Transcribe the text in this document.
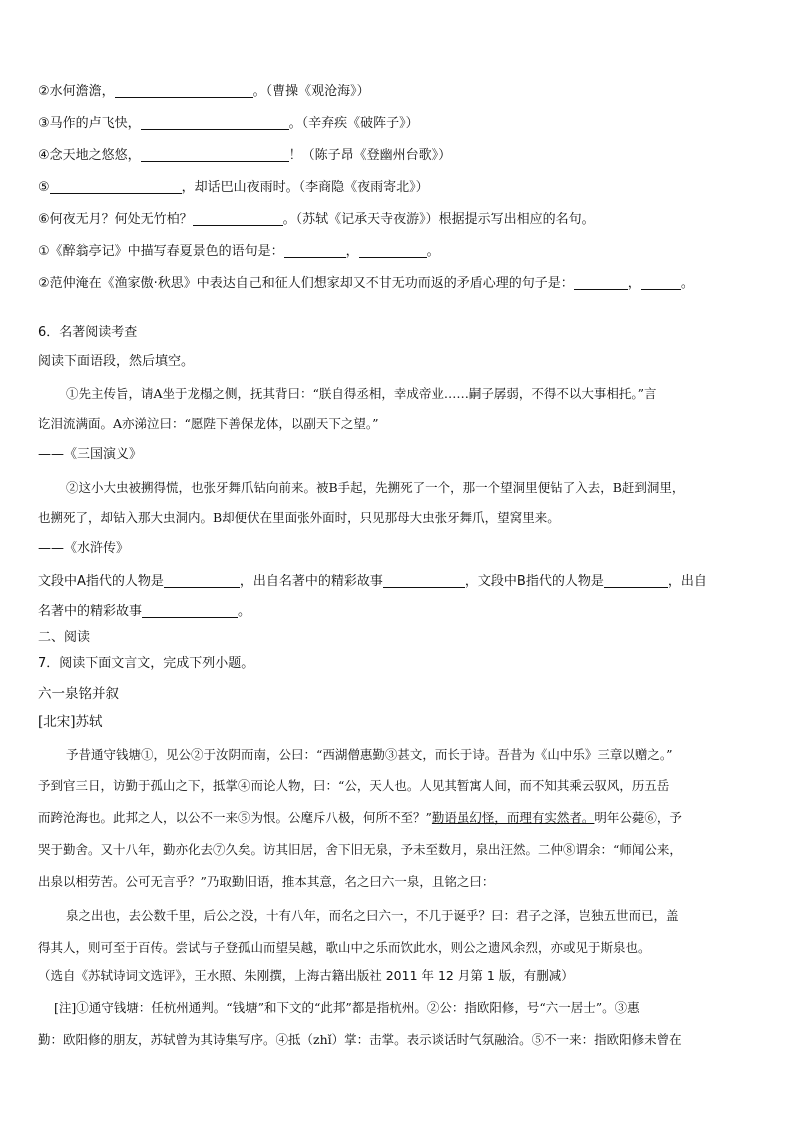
②水何澹澹，	。（曹操《观沧海》）
③马作的卢飞快，	。（辛弃疾《破阵子》）
④念天地之悠悠，	！（陈子昂《登幽州台歌》）
⑤	，却话巴山夜雨时。（李商隐《夜雨寄北》）
⑥何夜无月？何处无竹柏？	。（苏轼《记承天寺夜游》）根据提示写出相应的名句。
①《醉翁亭记》中描写春夏景色的语句是：	，	。
②范仲淹在《渔家傲·秋思》中表达自己和征人们想家却又不甘无功而返的矛盾心理的句子是：	，	。
6．名著阅读考查
阅读下面语段，然后填空。
①先主传旨，请A坐于龙榻之侧，抚其背曰：“朕自得丞相，幸成帝业……嗣子孱弱，不得不以大事相托。”言
讫泪流满面。A亦涕泣曰：“愿陛下善保龙体，以副天下之望。”
——《三国演义》
②这小大虫被搠得慌，也张牙舞爪钻向前来。被B手起，先搠死了一个，那一个望洞里便钻了入去，B赶到洞里，
也搠死了，却钻入那大虫洞内。B却便伏在里面张外面时，只见那母大虫张牙舞爪，望窝里来。
——《水浒传》
文段中A指代的人物是	，出自名著中的精彩故事	，文段中B指代的人物是	，出自
名著中的精彩故事	。
二、阅读
7．阅读下面文言文，完成下列小题。
六一泉铭并叙
[北宋]苏轼
予昔通守钱塘①，见公②于汝阴而南，公曰：“西湖僧惠勤③甚文，而长于诗。吾昔为《山中乐》三章以赠之。”
予到官三日，访勤于孤山之下，抵掌④而论人物，曰：“公，天人也。人见其暂寓人间，而不知其乘云驭风，历五岳
而跨沧海也。此邦之人，以公不一来⑤为恨。公麾斥八极，何所不至？”勤语虽幻怪，而理有实然者。明年公薨⑥，予
哭于勤舍。又十八年，勤亦化去⑦久矣。访其旧居，舍下旧无泉，予未至数月，泉出汪然。二仲⑧谓余：“师闻公来，
出泉以相劳苦。公可无言乎？”乃取勤旧语，推本其意，名之曰六一泉，且铭之曰：
泉之出也，去公数千里，后公之没，十有八年，而名之曰六一，不几于诞乎？曰：君子之泽，岂独五世而已，盖
得其人，则可至于百传。尝试与子登孤山而望吴越，歌山中之乐而饮此水，则公之遗风余烈，亦或见于斯泉也。
（选自《苏轼诗词文选评》，王水照、朱刚撰，上海古籍出版社 2011 年 12 月第 1 版，有删减）
[注]①通守钱塘：任杭州通判。“钱塘”和下文的“此邦”都是指杭州。②公：指欧阳修，号“六一居士”。③惠
勤：欧阳修的朋友，苏轼曾为其诗集写序。④抵（zhǐ）掌：击掌。表示谈话时气氛融洽。⑤不一来：指欧阳修未曾在
